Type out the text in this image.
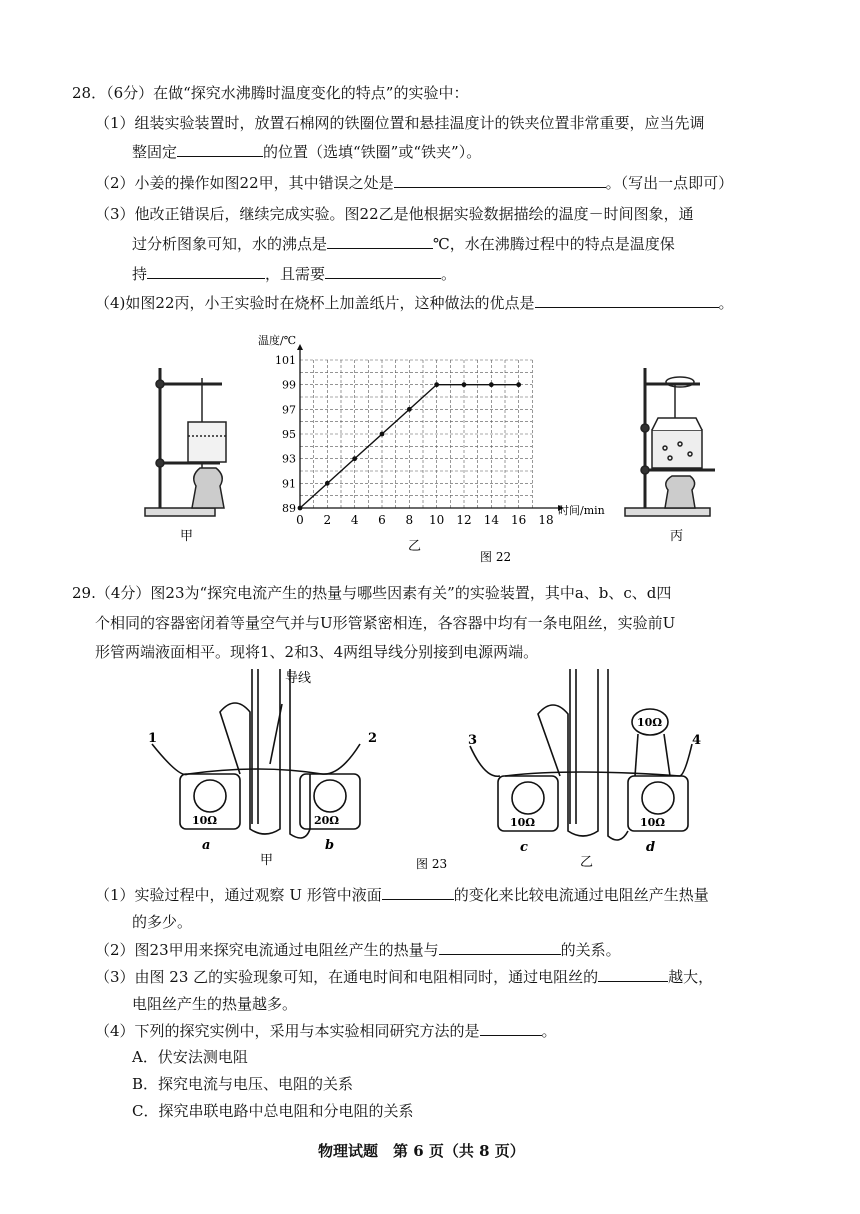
28．（6分）在做“探究水沸腾时温度变化的特点”的实验中：
（1）组装实验装置时，放置石棉网的铁圈位置和悬挂温度计的铁夹位置非常重要，应当先调
整固定	的位置（选填“铁圈”或“铁夹”）。
（2）小姜的操作如图22甲，其中错误之处是	。（写出一点即可）
（3）他改正错误后，继续完成实验。图22乙是他根据实验数据描绘的温度－时间图象，通
过分析图象可知，水的沸点是	℃，水在沸腾过程中的特点是温度保
持	，且需要	。
（4)如图22丙，小王实验时在烧杯上加盖纸片，这种做法的优点是	。
甲
0 2 4 6 8 10 12 14 16 18
89
91
93
95
97
99
101
时间/min
温度/℃
乙
图 22
丙
29.（4分）图23为“探究电流产生的热量与哪些因素有关”的实验装置，其中a、b、c、d四
个相同的容器密闭着等量空气并与U形管紧密相连，各容器中均有一条电阻丝，实验前U
形管两端液面相平。现将1、2和3、4两组导线分别接到电源两端。
导线
1	2	3	4
10Ω	20Ω	10Ω	10Ω
10Ω
a	b	c	d
甲	乙
图 23
（1）实验过程中，通过观察 U 形管中液面	的变化来比较电流通过电阻丝产生热量
的多少。
（2）图23甲用来探究电流通过电阻丝产生的热量与	的关系。
（3）由图 23 乙的实验现象可知，在通电时间和电阻相同时，通过电阻丝的	越大，
电阻丝产生的热量越多。
（4）下列的探究实例中，采用与本实验相同研究方法的是	。
A．伏安法测电阻
B．探究电流与电压、电阻的关系
C．探究串联电路中总电阻和分电阻的关系
物理试题　第 6 页（共 8 页）
